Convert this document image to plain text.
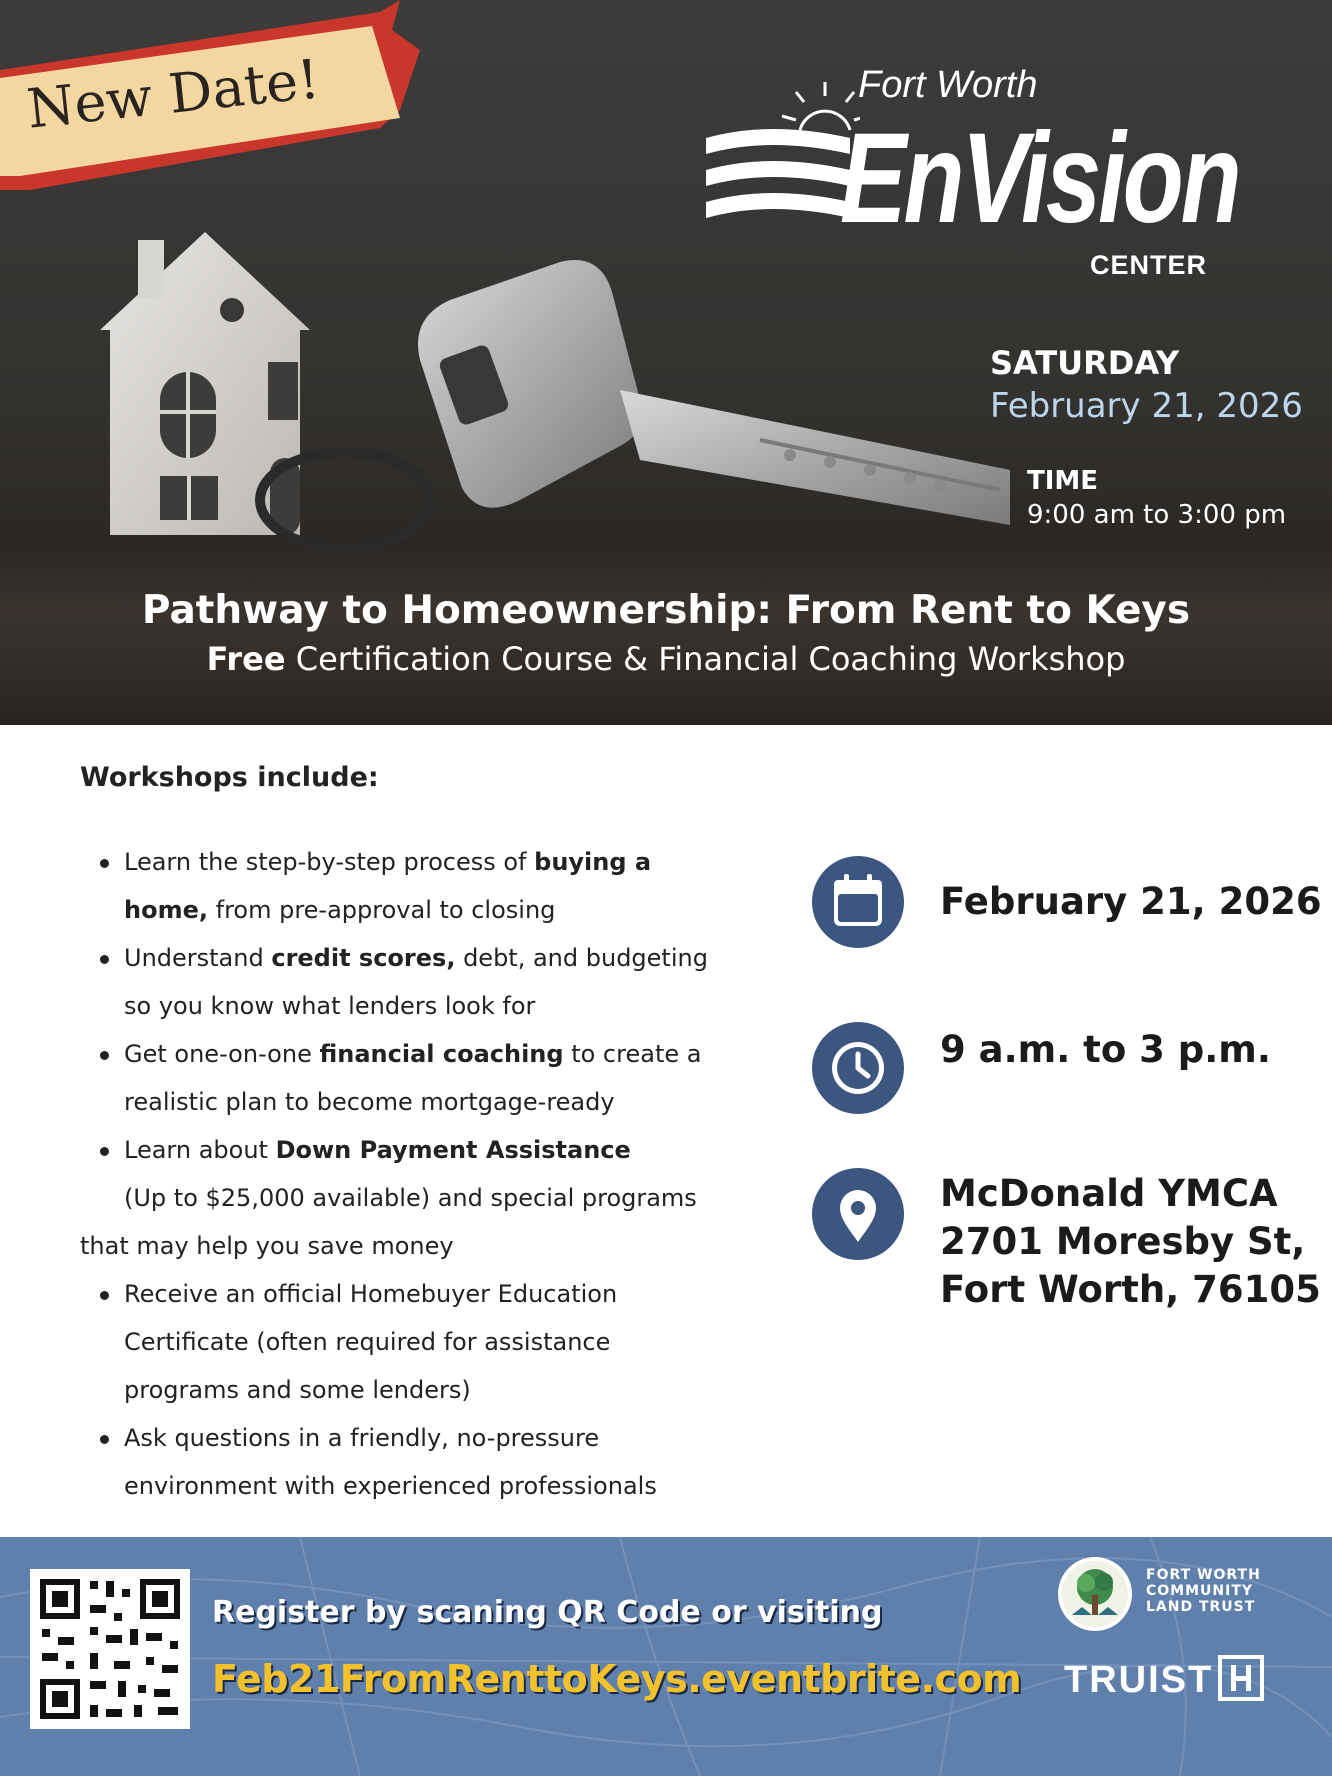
New Date!	Fort Worth
EnVision
CENTER
SATURDAY
February 21, 2026
TIME
9:00 am to 3:00 pm
Pathway to Homeownership: From Rent to Keys
Free Certification Course & Financial Coaching Workshop
Workshops include:
Learn the step-by-step process of buying a
home, from pre-approval to closing
Understand credit scores, debt, and budgeting
so you know what lenders look for
Get one-on-one financial coaching to create a
realistic plan to become mortgage-ready
Learn about Down Payment Assistance
(Up to $25,000 available) and special programs
that may help you save money
Receive an official Homebuyer Education
Certificate (often required for assistance
programs and some lenders)
Ask questions in a friendly, no-pressure
environment with experienced professionals
February 21, 2026
9 a.m. to 3 p.m.
McDonald YMCA
2701 Moresby St,
Fort Worth, 76105
Register by scaning QR Code or visiting
Feb21FromRenttoKeys.eventbrite.com
FORT WORTH
COMMUNITY
LAND TRUST
TRUIST
